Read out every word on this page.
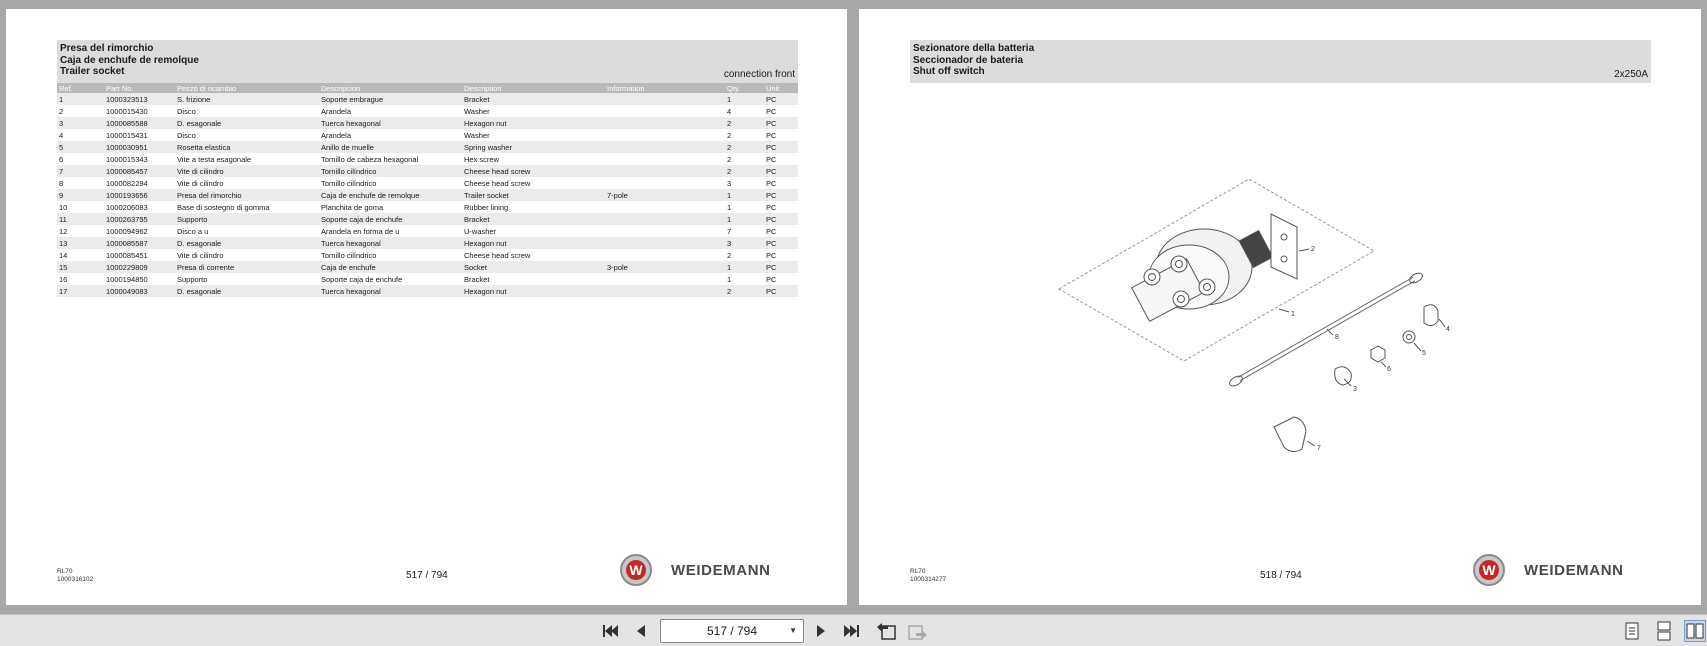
Presa del rimorchio
Caja de enchufe de remolque
Trailer socket	connection front
Ref.	Part No.	Pezzo di ricambio	Descripcion	Description	Information	Qty.	Unit
1	1000323513	S. frizione	Soporte embrague	Bracket		1	PC
2	1000015430	Disco	Arandela	Washer		4	PC
3	1000085588	D. esagonale	Tuerca hexagonal	Hexagon nut		2	PC
4	1000015431	Disco	Arandela	Washer		2	PC
5	1000030951	Rosetta elastica	Anillo de muelle	Spring washer		2	PC
6	1000015343	Vite a testa esagonale	Tornillo de cabeza hexagonal	Hex screw		2	PC
7	1000085457	Vite di cilindro	Tornillo cilíndrico	Cheese head screw		2	PC
8	1000082294	Vite di cilindro	Tornillo cilíndrico	Cheese head screw		3	PC
9	1000193656	Presa del rimorchio	Caja de enchufe de remolque	Trailer socket	7-pole	1	PC
10	1000206083	Base di sostegno di gomma	Planchita de goma	Rubber lining		1	PC
11	1000263755	Supporto	Soporte caja de enchufe	Bracket		1	PC
12	1000094962	Disco a u	Arandela en forma de u	U-washer		7	PC
13	1000085587	D. esagonale	Tuerca hexagonal	Hexagon nut		3	PC
14	1000085451	Vite di cilindro	Tornillo cilíndrico	Cheese head screw		2	PC
15	1000229809	Presa di corrente	Caja de enchufe	Socket	3-pole	1	PC
16	1000194850	Supporto	Soporte caja de enchufe	Bracket		1	PC
17	1000049083	D. esagonale	Tuerca hexagonal	Hexagon nut		2	PC
RL70
1000316102	517 / 794	W WEIDEMANN
Sezionatore della batteria
Seccionador de bateria
Shut off switch	2x250A
2
1
3
4
5
6
7
8
RL70
1000314277	518 / 794	W WEIDEMANN
517 / 794	▼
